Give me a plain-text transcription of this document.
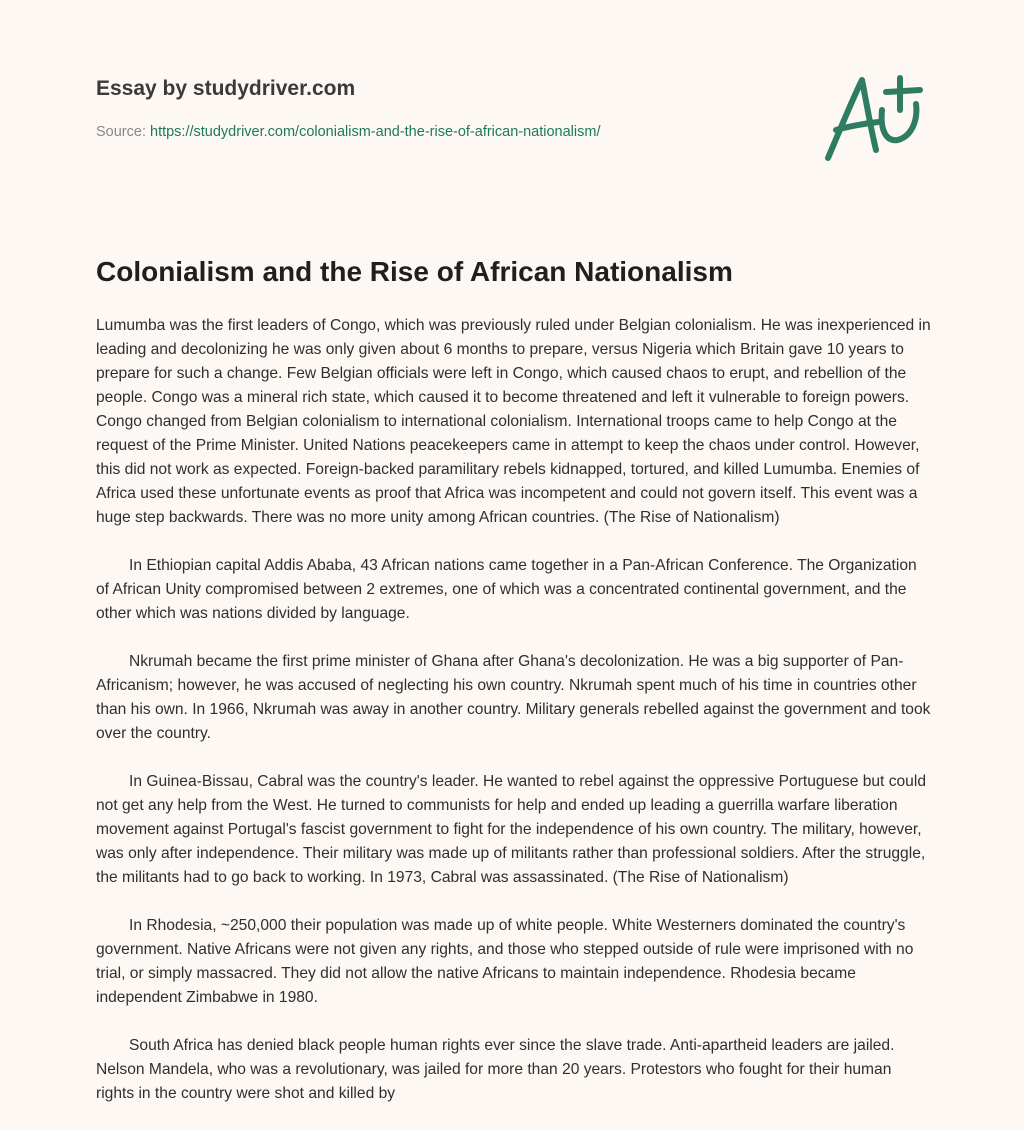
Essay by studydriver.com
Source: https://studydriver.com/colonialism-and-the-rise-of-african-nationalism/
Colonialism and the Rise of African Nationalism

Lumumba was the first leaders of Congo, which was previously ruled under Belgian colonialism. He was inexperienced in leading and decolonizing he was only given about 6 months to prepare, versus Nigeria which Britain gave 10 years to prepare for such a change. Few Belgian officials were left in Congo, which caused chaos to erupt, and rebellion of the people. Congo was a mineral rich state, which caused it to become threatened and left it vulnerable to foreign powers. Congo changed from Belgian colonialism to international colonialism. International troops came to help Congo at the request of the Prime Minister. United Nations peacekeepers came in attempt to keep the chaos under control. However, this did not work as expected. Foreign-backed paramilitary rebels kidnapped, tortured, and killed Lumumba. Enemies of Africa used these unfortunate events as proof that Africa was incompetent and could not govern itself. This event was a huge step backwards. There was no more unity among African countries. (The Rise of Nationalism)

In Ethiopian capital Addis Ababa, 43 African nations came together in a Pan-African Conference. The Organization of African Unity compromised between 2 extremes, one of which was a concentrated continental government, and the other which was nations divided by language.

Nkrumah became the first prime minister of Ghana after Ghana's decolonization. He was a big supporter of Pan-Africanism; however, he was accused of neglecting his own country. Nkrumah spent much of his time in countries other than his own. In 1966, Nkrumah was away in another country. Military generals rebelled against the government and took over the country.

In Guinea-Bissau, Cabral was the country's leader. He wanted to rebel against the oppressive Portuguese but could not get any help from the West. He turned to communists for help and ended up leading a guerrilla warfare liberation movement against Portugal's fascist government to fight for the independence of his own country. The military, however, was only after independence. Their military was made up of militants rather than professional soldiers. After the struggle, the militants had to go back to working. In 1973, Cabral was assassinated. (The Rise of Nationalism)

In Rhodesia, ~250,000 their population was made up of white people. White Westerners dominated the country's government. Native Africans were not given any rights, and those who stepped outside of rule were imprisoned with no trial, or simply massacred. They did not allow the native Africans to maintain independence. Rhodesia became independent Zimbabwe in 1980.

South Africa has denied black people human rights ever since the slave trade. Anti-apartheid leaders are jailed. Nelson Mandela, who was a revolutionary, was jailed for more than 20 years. Protestors who fought for their human rights in the country were shot and killed by
